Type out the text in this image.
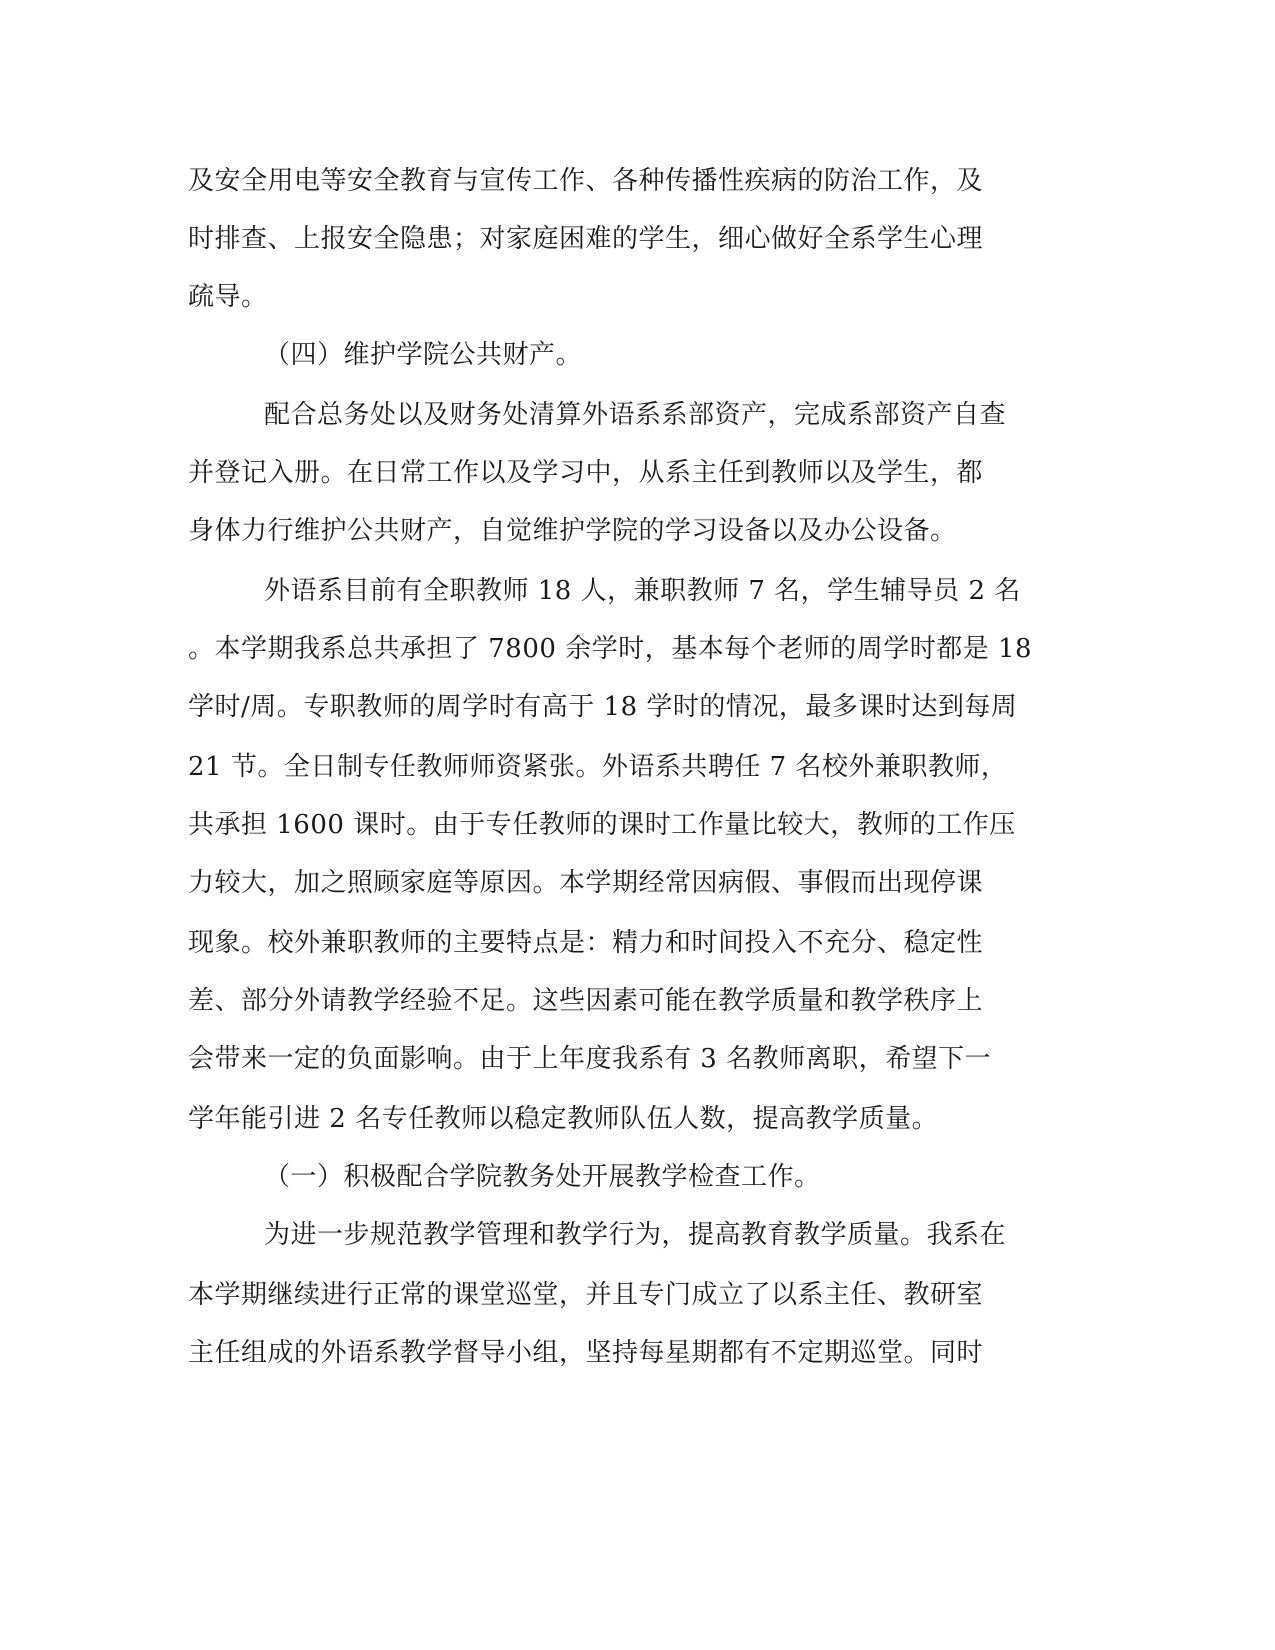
及安全用电等安全教育与宣传工作、各种传播性疾病的防治工作，及
时排查、上报安全隐患；对家庭困难的学生，细心做好全系学生心理
疏导。
（四）维护学院公共财产。
配合总务处以及财务处清算外语系系部资产，完成系部资产自查
并登记入册。在日常工作以及学习中，从系主任到教师以及学生，都
身体力行维护公共财产，自觉维护学院的学习设备以及办公设备。
外语系目前有全职教师 18 人，兼职教师 7 名，学生辅导员 2 名
。本学期我系总共承担了 7800 余学时，基本每个老师的周学时都是 18
学时/周。专职教师的周学时有高于 18 学时的情况，最多课时达到每周
21 节。全日制专任教师师资紧张。外语系共聘任 7 名校外兼职教师，
共承担 1600 课时。由于专任教师的课时工作量比较大，教师的工作压
力较大，加之照顾家庭等原因。本学期经常因病假、事假而出现停课
现象。校外兼职教师的主要特点是：精力和时间投入不充分、稳定性
差、部分外请教学经验不足。这些因素可能在教学质量和教学秩序上
会带来一定的负面影响。由于上年度我系有 3 名教师离职，希望下一
学年能引进 2 名专任教师以稳定教师队伍人数，提高教学质量。
（一）积极配合学院教务处开展教学检查工作。
为进一步规范教学管理和教学行为，提高教育教学质量。我系在
本学期继续进行正常的课堂巡堂，并且专门成立了以系主任、教研室
主任组成的外语系教学督导小组，坚持每星期都有不定期巡堂。同时
